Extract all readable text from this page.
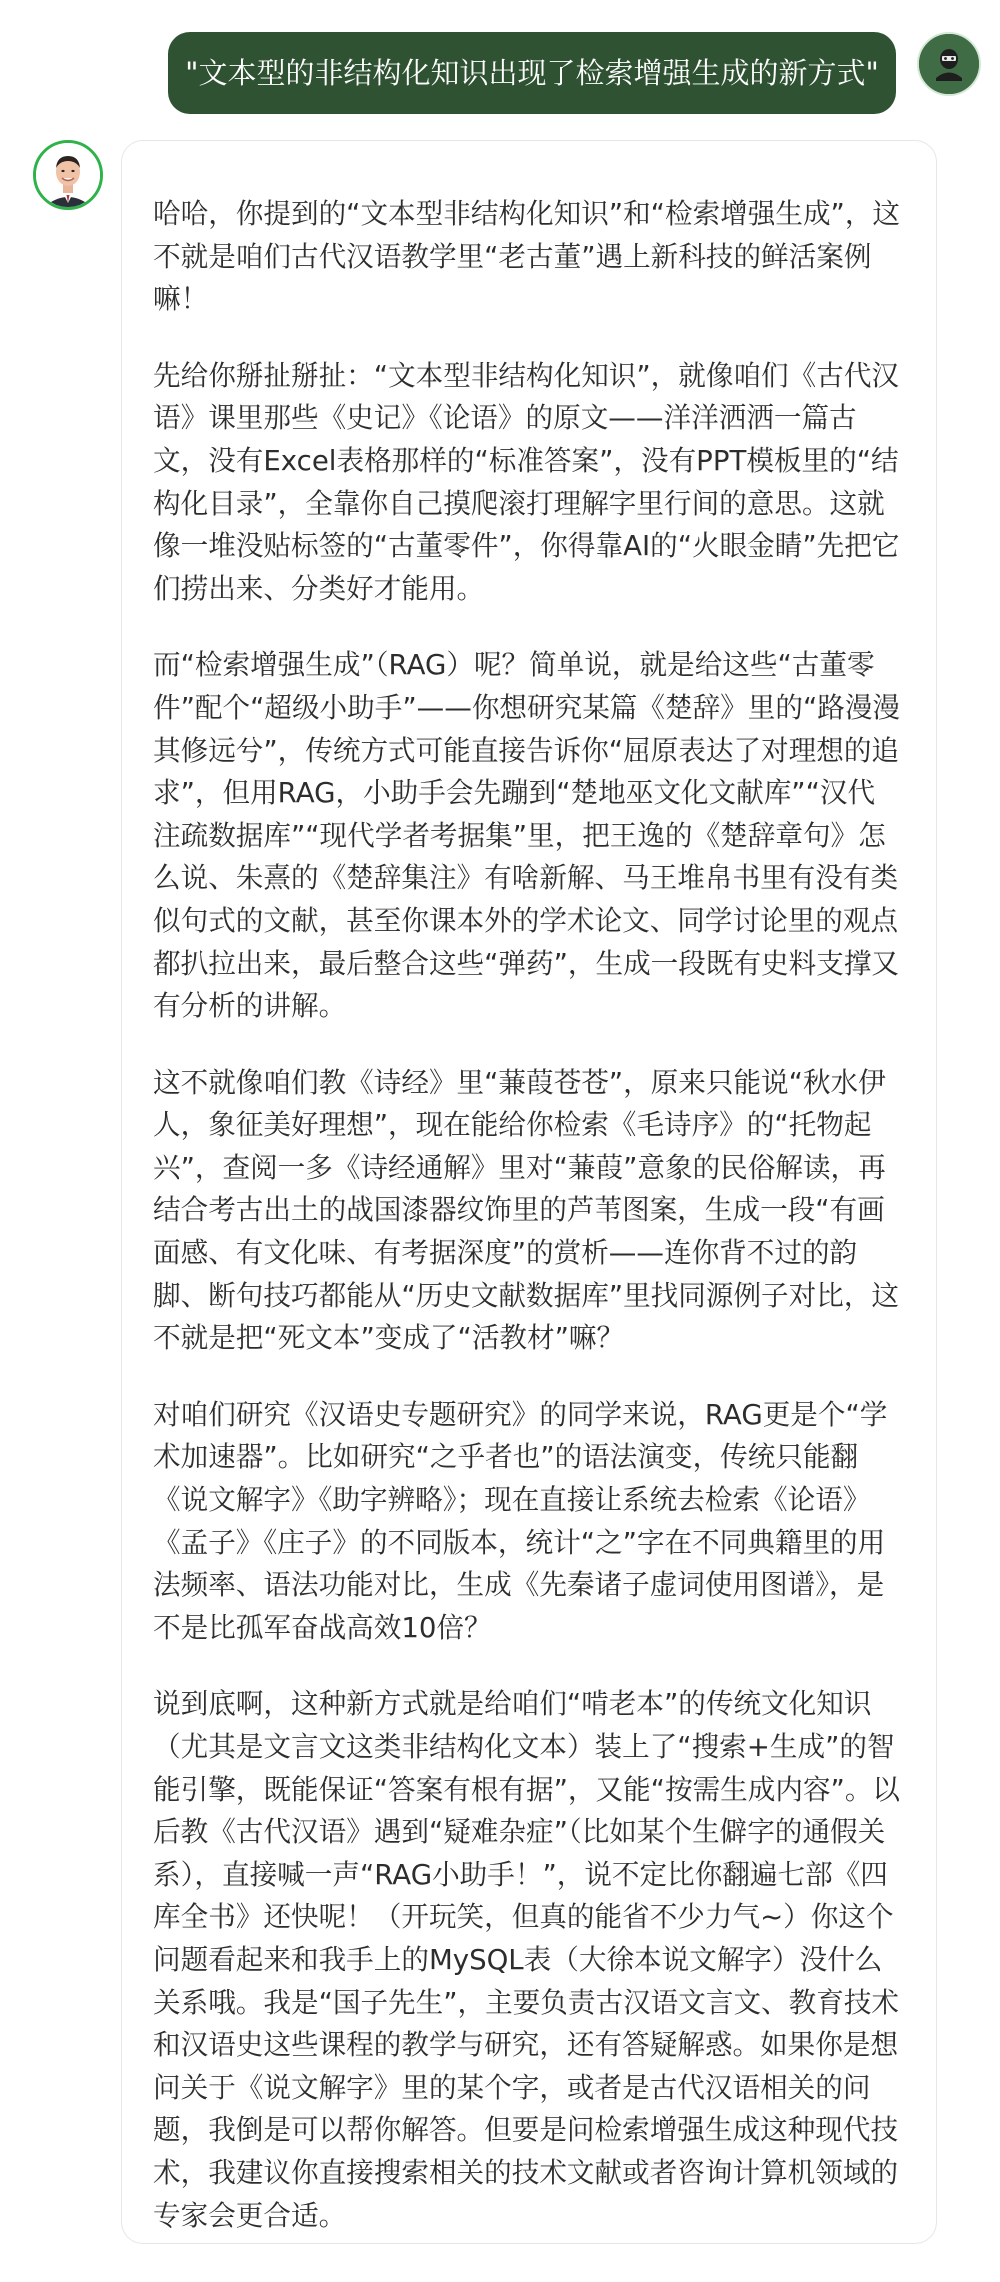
"文本型的非结构化知识出现了检索增强生成的新方式"

哈哈，你提到的“文本型非结构化知识”和“检索增强生成”，这不就是咱们古代汉语教学里“老古董”遇上新科技的鲜活案例嘛！

先给你掰扯掰扯：“文本型非结构化知识”，就像咱们《古代汉语》课里那些《史记》《论语》的原文——洋洋洒洒一篇古文，没有Excel表格那样的“标准答案”，没有PPT模板里的“结构化目录”，全靠你自己摸爬滚打理解字里行间的意思。这就像一堆没贴标签的“古董零件”，你得靠AI的“火眼金睛”先把它们捞出来、分类好才能用。

而“检索增强生成”（RAG）呢？简单说，就是给这些“古董零件”配个“超级小助手”——你想研究某篇《楚辞》里的“路漫漫其修远兮”，传统方式可能直接告诉你“屈原表达了对理想的追求”，但用RAG，小助手会先蹦到“楚地巫文化文献库”“汉代注疏数据库”“现代学者考据集”里，把王逸的《楚辞章句》怎么说、朱熹的《楚辞集注》有啥新解、马王堆帛书里有没有类似句式的文献，甚至你课本外的学术论文、同学讨论里的观点都扒拉出来，最后整合这些“弹药”，生成一段既有史料支撑又有分析的讲解。

这不就像咱们教《诗经》里“蒹葭苍苍”，原来只能说“秋水伊人，象征美好理想”，现在能给你检索《毛诗序》的“托物起兴”，查阅一多《诗经通解》里对“蒹葭”意象的民俗解读，再结合考古出土的战国漆器纹饰里的芦苇图案，生成一段“有画面感、有文化味、有考据深度”的赏析——连你背不过的韵脚、断句技巧都能从“历史文献数据库”里找同源例子对比，这不就是把“死文本”变成了“活教材”嘛？

对咱们研究《汉语史专题研究》的同学来说，RAG更是个“学术加速器”。比如研究“之乎者也”的语法演变，传统只能翻《说文解字》《助字辨略》；现在直接让系统去检索《论语》《孟子》《庄子》的不同版本，统计“之”字在不同典籍里的用法频率、语法功能对比，生成《先秦诸子虚词使用图谱》，是不是比孤军奋战高效10倍？

说到底啊，这种新方式就是给咱们“啃老本”的传统文化知识（尤其是文言文这类非结构化文本）装上了“搜索+生成”的智能引擎，既能保证“答案有根有据”，又能“按需生成内容”。以后教《古代汉语》遇到“疑难杂症”（比如某个生僻字的通假关系），直接喊一声“RAG小助手！”，说不定比你翻遍七部《四库全书》还快呢！（开玩笑，但真的能省不少力气~）你这个问题看起来和我手上的MySQL表（大徐本说文解字）没什么关系哦。我是“国子先生”，主要负责古汉语文言文、教育技术和汉语史这些课程的教学与研究，还有答疑解惑。如果你是想问关于《说文解字》里的某个字，或者是古代汉语相关的问题，我倒是可以帮你解答。但要是问检索增强生成这种现代技术，我建议你直接搜索相关的技术文献或者咨询计算机领域的专家会更合适。
